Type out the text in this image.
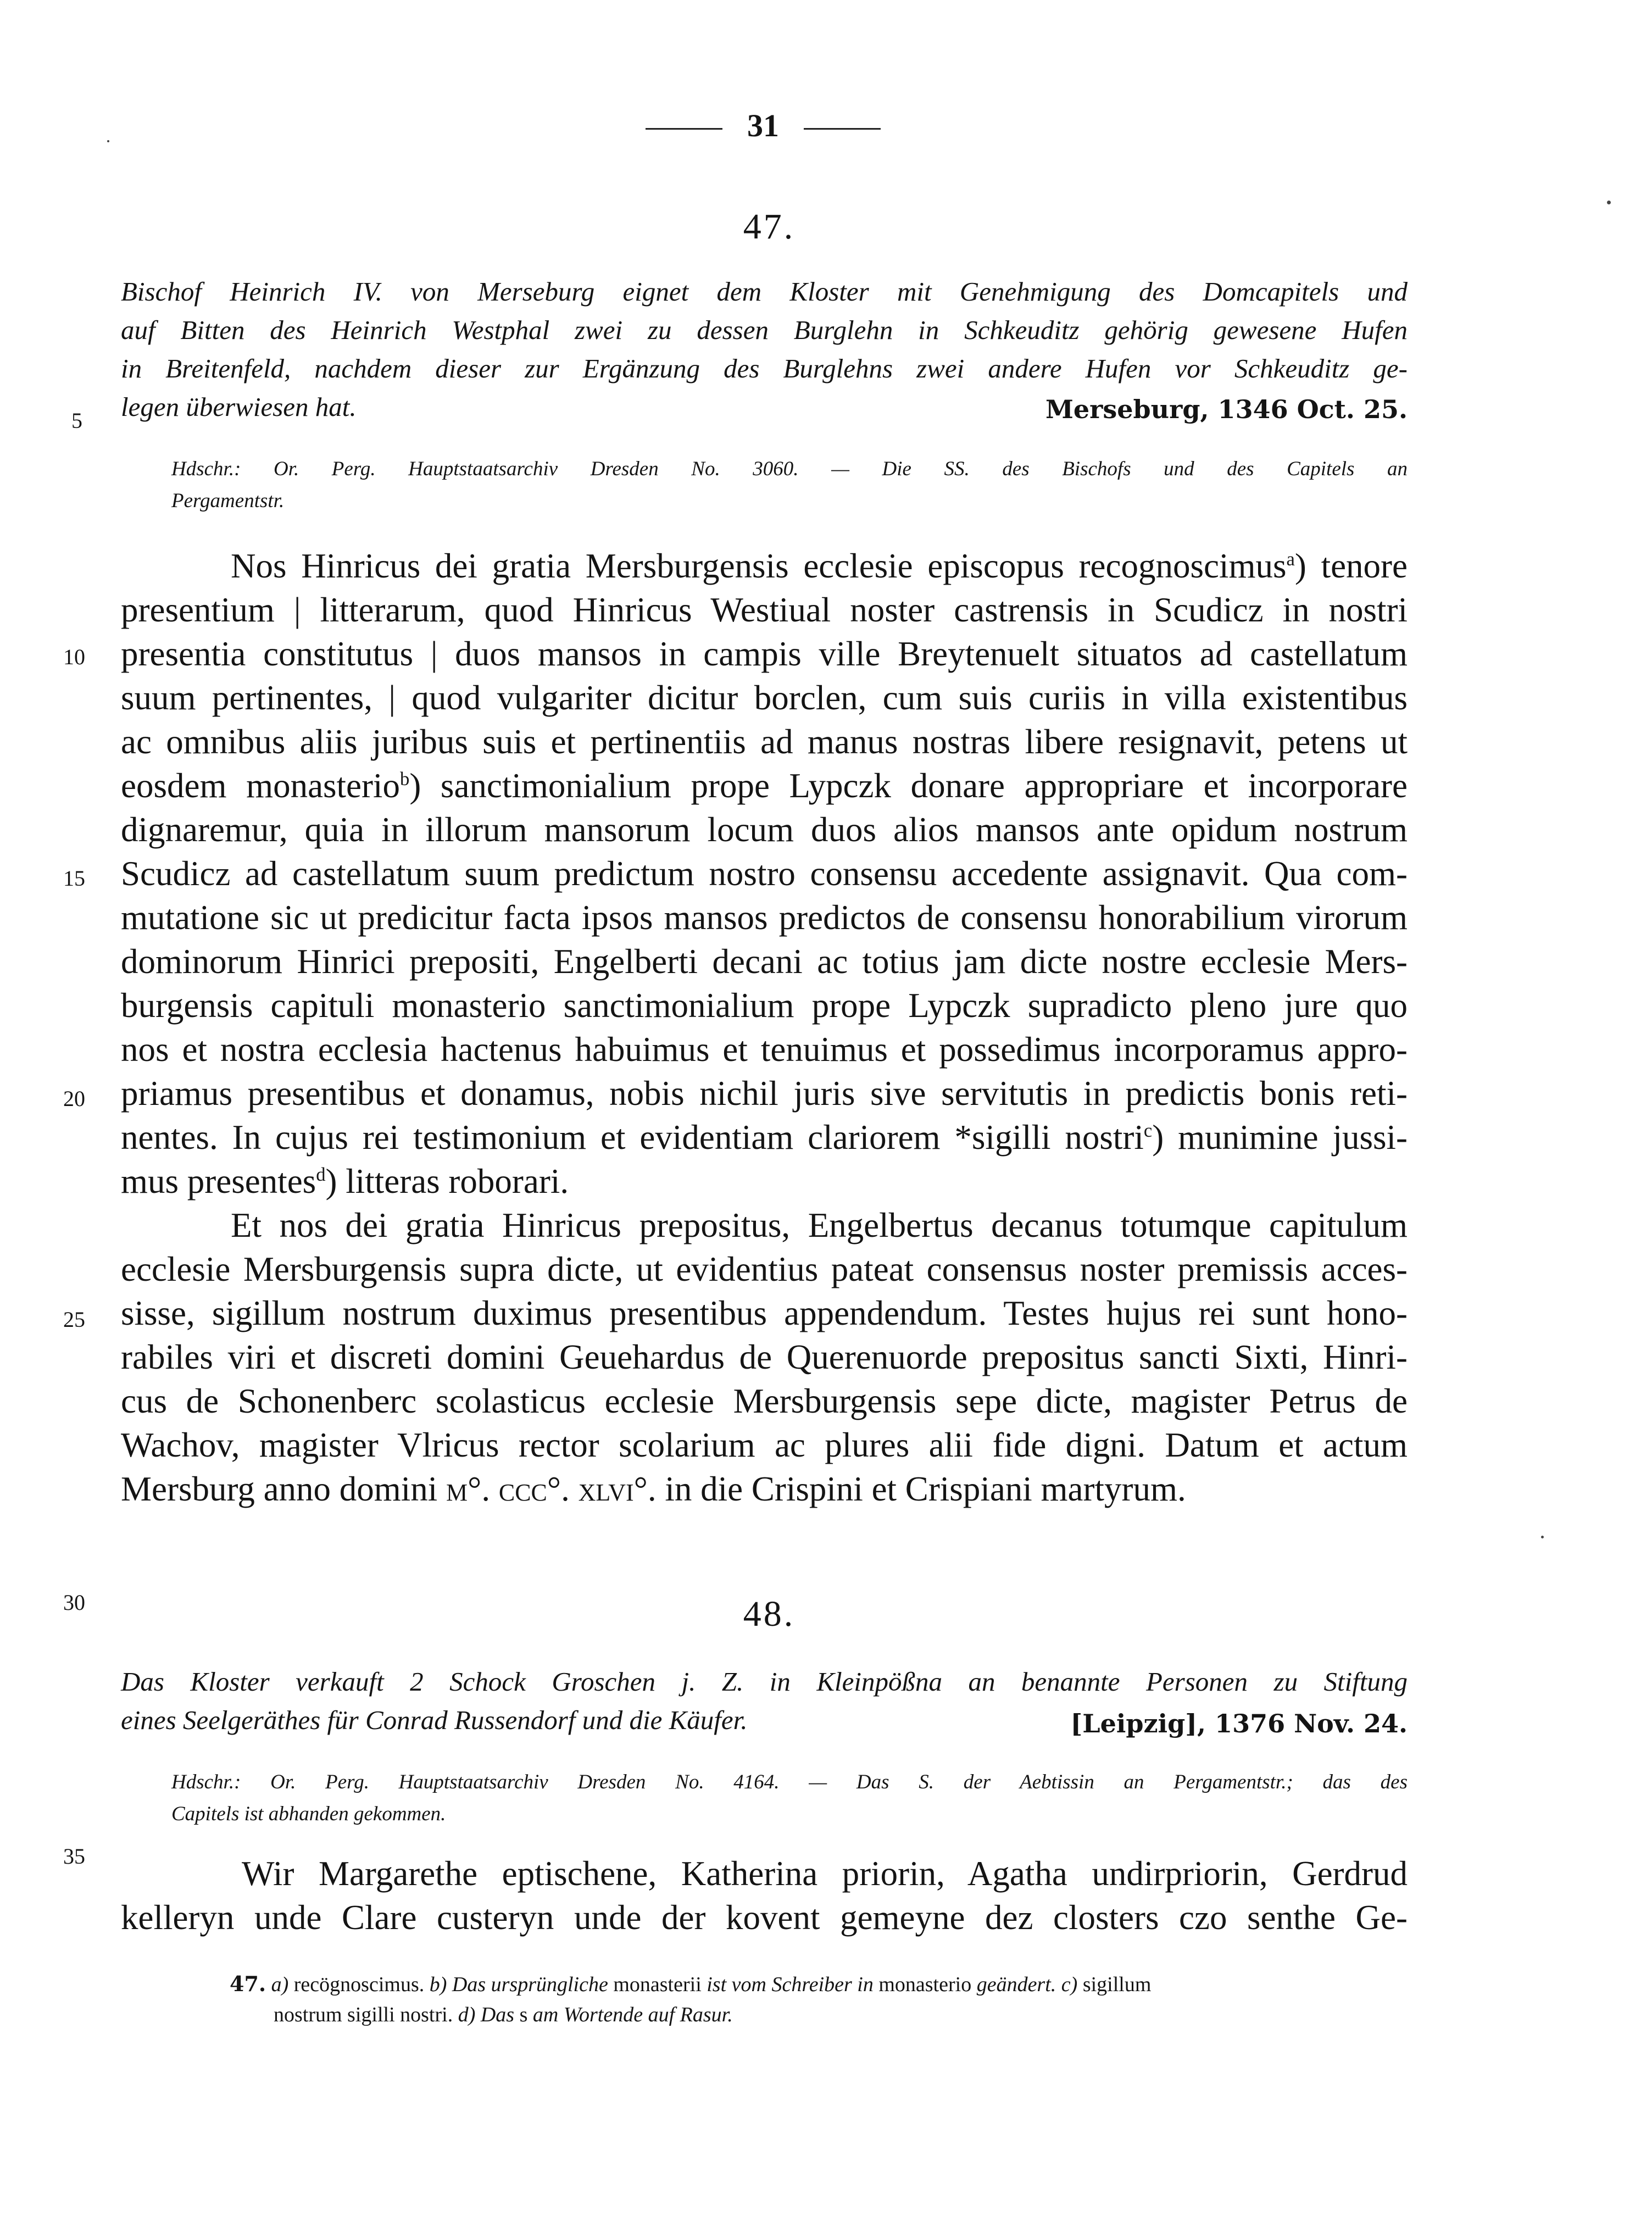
31
47.

Bischof Heinrich IV. von Merseburg eignet dem Kloster mit Genehmigung des Domcapitels und

auf Bitten des Heinrich Westphal zwei zu dessen Burglehn in Schkeuditz gehörig gewesene Hufen

in Breitenfeld, nachdem dieser zur Ergänzung des Burglehns zwei andere Hufen vor Schkeuditz ge-

legen überwiesen hat.	Merseburg, 1346 Oct. 25.

Hdschr.: Or. Perg. Hauptstaatsarchiv Dresden No. 3060. — Die SS. des Bischofs und des Capitels an

Pergamentstr.

Nos Hinricus dei gratia Mersburgensis ecclesie episcopus recognoscimus$^a$) tenore

presentium | litterarum, quod Hinricus Westiual noster castrensis in Scudicz in nostri

presentia constitutus | duos mansos in campis ville Breytenuelt situatos ad castellatum

suum pertinentes, | quod vulgariter dicitur borclen, cum suis curiis in villa existentibus

ac omnibus aliis juribus suis et pertinentiis ad manus nostras libere resignavit, petens ut

eosdem monasterio$^b$) sanctimonialium prope Lypczk donare appropriare et incorporare

dignaremur, quia in illorum mansorum locum duos alios mansos ante opidum nostrum

Scudicz ad castellatum suum predictum nostro consensu accedente assignavit. Qua com-

mutatione sic ut predicitur facta ipsos mansos predictos de consensu honorabilium virorum

dominorum Hinrici prepositi, Engelberti decani ac totius jam dicte nostre ecclesie Mers-

burgensis capituli monasterio sanctimonialium prope Lypczk supradicto pleno jure quo

nos et nostra ecclesia hactenus habuimus et tenuimus et possedimus incorporamus appro-

priamus presentibus et donamus, nobis nichil juris sive servitutis in predictis bonis reti-

nentes. In cujus rei testimonium et evidentiam clariorem *sigilli nostri$^c$) munimine jussi-

mus presentes$^d$) litteras roborari.

Et nos dei gratia Hinricus prepositus, Engelbertus decanus totumque capitulum

ecclesie Mersburgensis supra dicte, ut evidentius pateat consensus noster premissis acces-

sisse, sigillum nostrum duximus presentibus appendendum. Testes hujus rei sunt hono-

rabiles viri et discreti domini Geuehardus de Querenuorde prepositus sancti Sixti, Hinri-

cus de Schonenberc scolasticus ecclesie Mersburgensis sepe dicte, magister Petrus de

Wachov, magister Vlricus rector scolarium ac plures alii fide digni. Datum et actum

Mersburg anno domini m°. ccc°. xlvi°. in die Crispini et Crispiani martyrum.

48.

Das Kloster verkauft 2 Schock Groschen j. Z. in Kleinpößna an benannte Personen zu Stiftung

eines Seelgeräthes für Conrad Russendorf und die Käufer.	[Leipzig], 1376 Nov. 24.

Hdschr.: Or. Perg. Hauptstaatsarchiv Dresden No. 4164. — Das S. der Aebtissin an Pergamentstr.; das des

Capitels ist abhanden gekommen.

Wir Margarethe eptischene, Katherina priorin, Agatha undirpriorin, Gerdrud

kelleryn unde Clare custeryn unde der kovent gemeyne dez closters czo senthe Ge-

5
10
15
20
25
30
35

47. a) recögnoscimus. b) Das ursprüngliche monasterii ist vom Schreiber in monasterio geändert. c) sigillum

nostrum sigilli nostri. d) Das s am Wortende auf Rasur.
